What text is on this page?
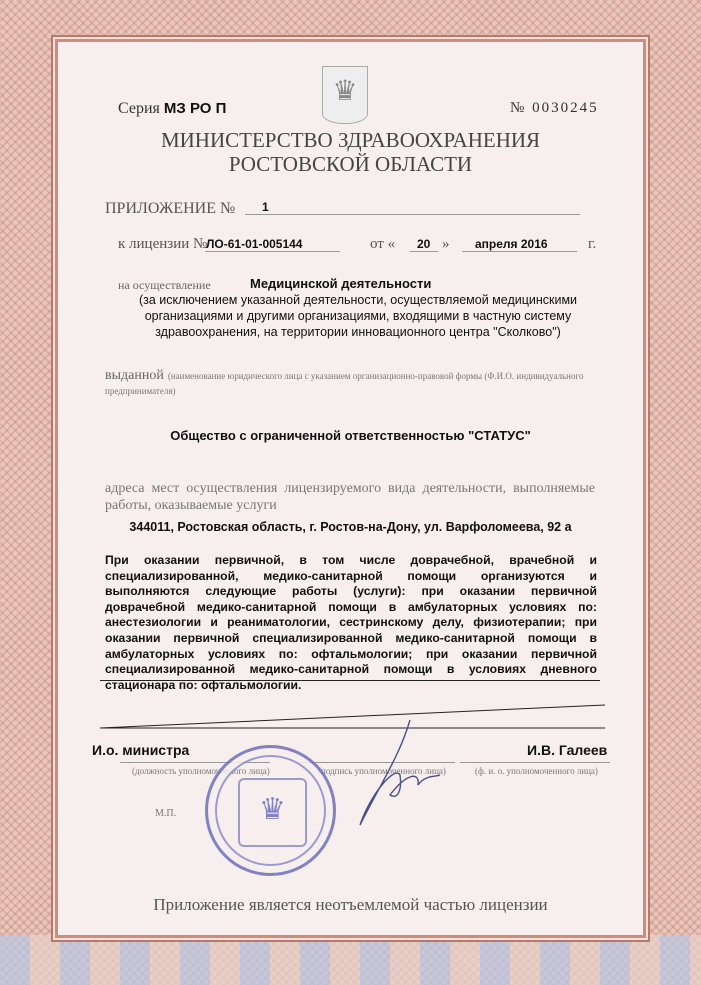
♛
Серия МЗ РО П	№ 0030245
МИНИСТЕРСТВО ЗДРАВООХРАНЕНИЯ
РОСТОВСКОЙ ОБЛАСТИ
ПРИЛОЖЕНИЕ № 1
к лицензии №
ЛО-61-01-005144	от « 20 » апреля 2016	г.
на осуществление	Медицинской деятельности
(за исключением указанной деятельности, осуществляемой медицинскими организациями и другими организациями, входящими в частную систему здравоохранения, на территории инновационного центра "Сколково")
выданной (наименование юридического лица с указанием организационно-правовой формы (Ф.И.О. индивидуального предпринимателя)
Общество с ограниченной ответственностью "СТАТУС"
адреса мест осуществления лицензируемого вида деятельности, выполняемые работы, оказываемые услуги
344011, Ростовская область, г. Ростов-на-Дону, ул. Варфоломеева, 92 а
При оказании первичной, в том числе доврачебной, врачебной и специализированной, медико-санитарной помощи организуются и выполняются следующие работы (услуги): при оказании первичной доврачебной медико-санитарной помощи в амбулаторных условиях по: анестезиологии и реаниматологии, сестринскому делу, физиотерапии; при оказании первичной специализированной медико-санитарной помощи в амбулаторных условиях по: офтальмологии; при оказании первичной специализированной медико-санитарной помощи в условиях дневного стационара по: офтальмологии.
И.о. министра	И.В. Галеев
(должность уполномоченного лица)	(подпись уполномоченного лица)	(ф. и. о. уполномоченного лица)
М.П.	♛
Приложение является неотъемлемой частью лицензии
